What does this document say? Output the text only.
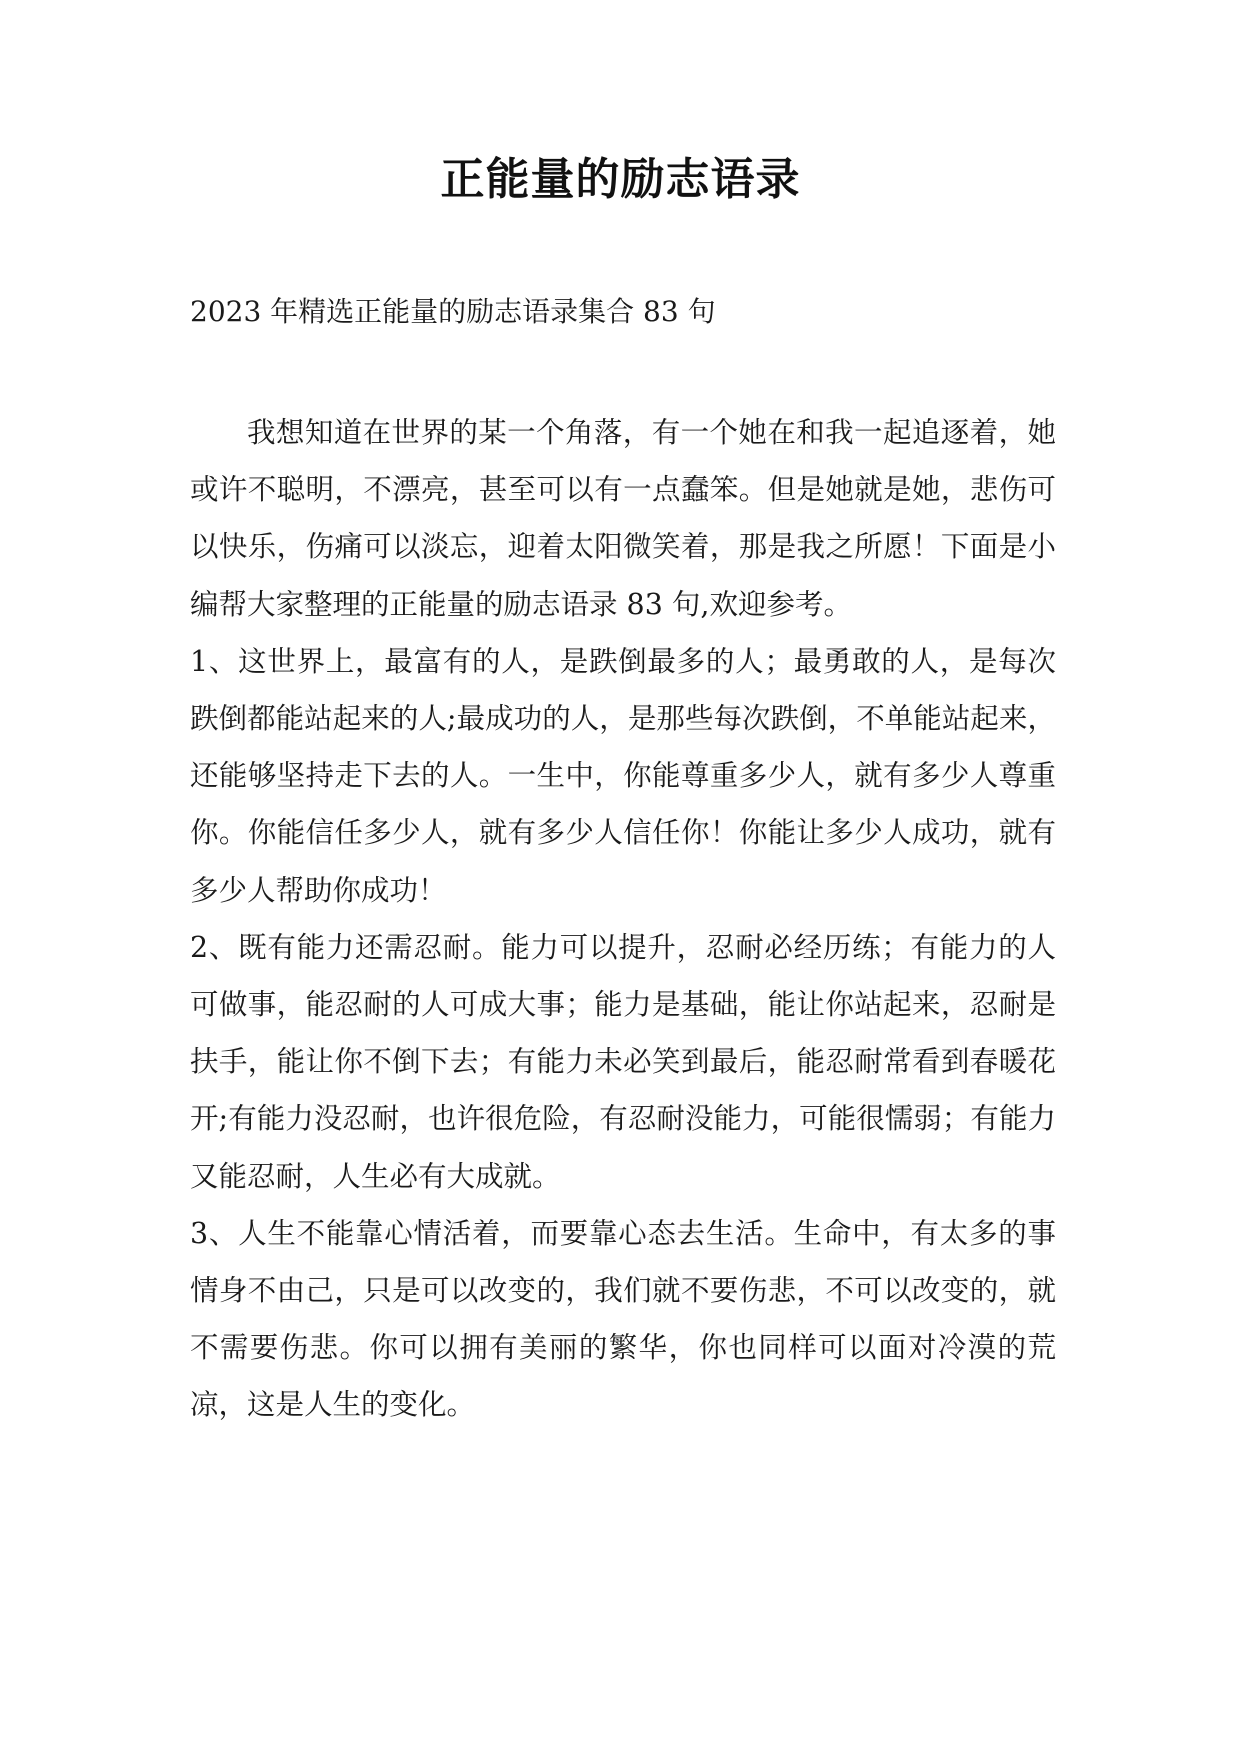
正能量的励志语录
2023 年精选正能量的励志语录集合 83 句

我想知道在世界的某一个角落，有一个她在和我一起追逐着，她或许不聪明，不漂亮，甚至可以有一点蠢笨。但是她就是她，悲伤可以快乐，伤痛可以淡忘，迎着太阳微笑着，那是我之所愿！下面是小编帮大家整理的正能量的励志语录 83 句,欢迎参考。

1、这世界上，最富有的人，是跌倒最多的人；最勇敢的人，是每次跌倒都能站起来的人;最成功的人，是那些每次跌倒，不单能站起来，还能够坚持走下去的人。一生中，你能尊重多少人，就有多少人尊重你。你能信任多少人，就有多少人信任你！你能让多少人成功，就有多少人帮助你成功！

2、既有能力还需忍耐。能力可以提升，忍耐必经历练；有能力的人可做事，能忍耐的人可成大事；能力是基础，能让你站起来，忍耐是扶手，能让你不倒下去；有能力未必笑到最后，能忍耐常看到春暖花开;有能力没忍耐，也许很危险，有忍耐没能力，可能很懦弱；有能力又能忍耐，人生必有大成就。

3、人生不能靠心情活着，而要靠心态去生活。生命中，有太多的事情身不由己，只是可以改变的，我们就不要伤悲，不可以改变的，就不需要伤悲。你可以拥有美丽的繁华，你也同样可以面对冷漠的荒凉，这是人生的变化。
